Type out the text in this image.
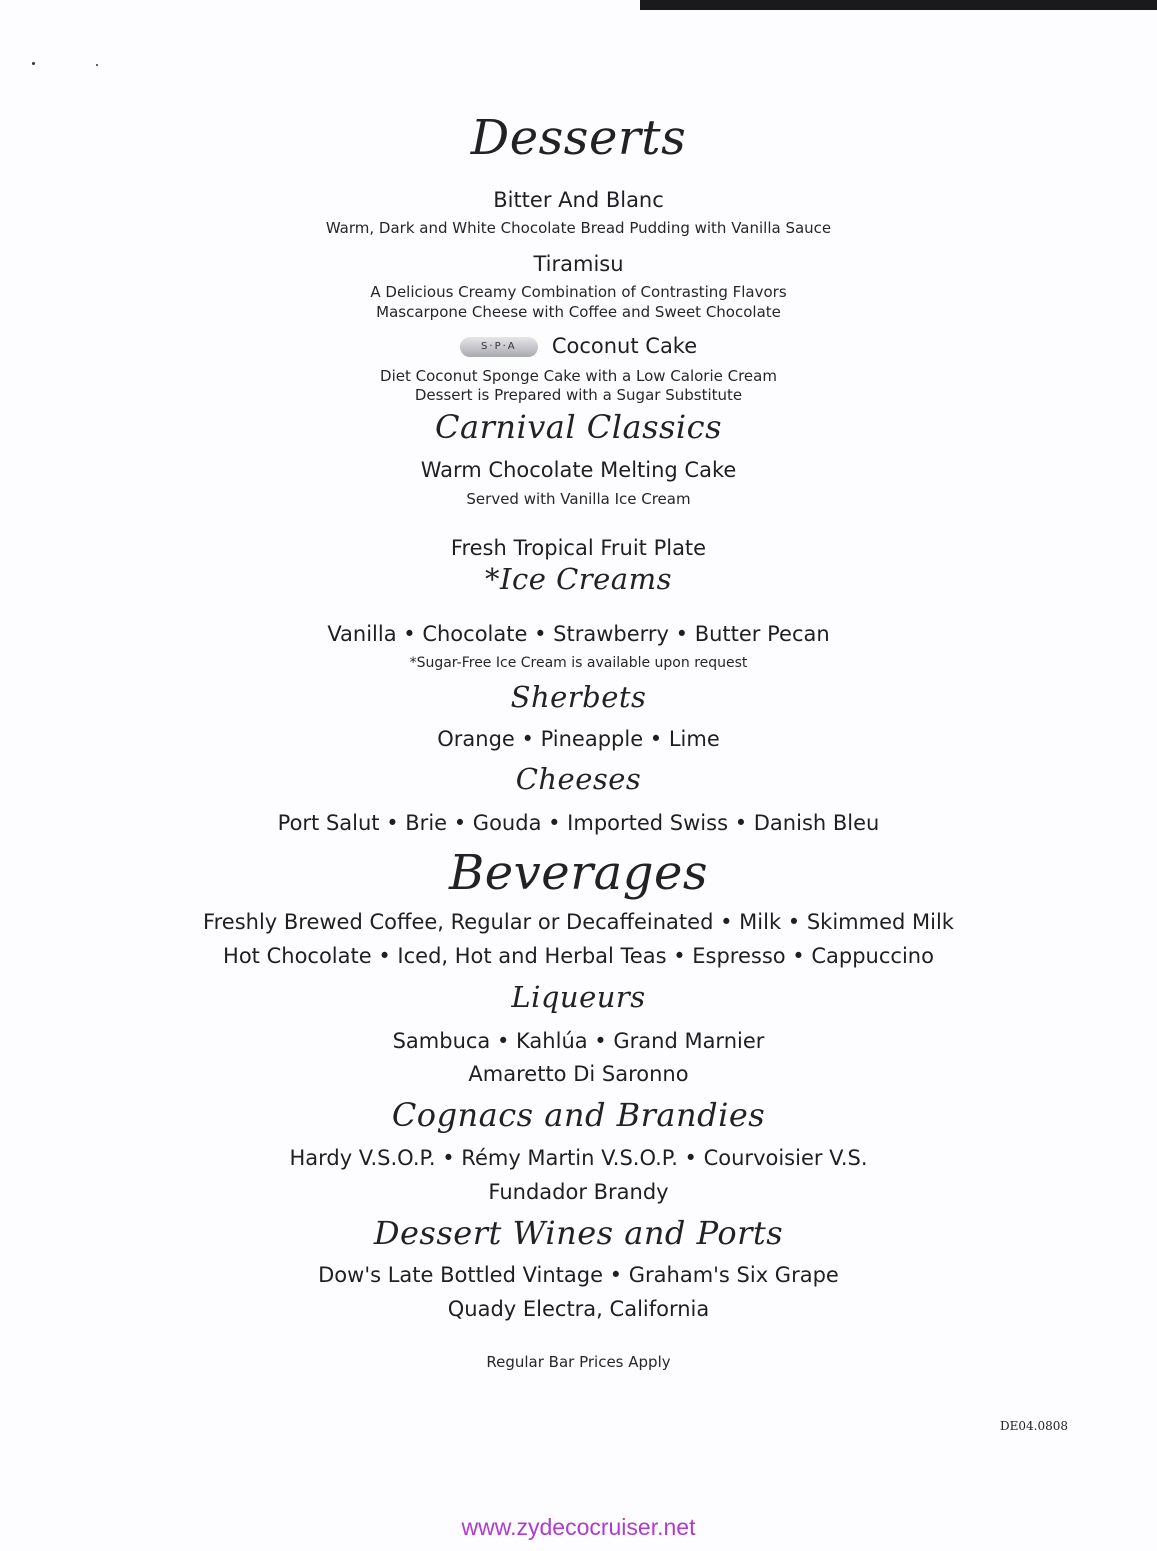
Desserts
Bitter And Blanc
Warm, Dark and White Chocolate Bread Pudding with Vanilla Sauce
Tiramisu
A Delicious Creamy Combination of Contrasting Flavors
Mascarpone Cheese with Coffee and Sweet Chocolate
S·P·A Coconut Cake
Diet Coconut Sponge Cake with a Low Calorie Cream
Dessert is Prepared with a Sugar Substitute
Carnival Classics
Warm Chocolate Melting Cake
Served with Vanilla Ice Cream
Fresh Tropical Fruit Plate
*Ice Creams
Vanilla • Chocolate • Strawberry • Butter Pecan
*Sugar-Free Ice Cream is available upon request
Sherbets
Orange • Pineapple • Lime
Cheeses
Port Salut • Brie • Gouda • Imported Swiss • Danish Bleu
Beverages
Freshly Brewed Coffee, Regular or Decaffeinated • Milk • Skimmed Milk
Hot Chocolate • Iced, Hot and Herbal Teas • Espresso • Cappuccino
Liqueurs
Sambuca • Kahlúa • Grand Marnier
Amaretto Di Saronno
Cognacs and Brandies
Hardy V.S.O.P. • Rémy Martin V.S.O.P. • Courvoisier V.S.
Fundador Brandy
Dessert Wines and Ports
Dow's Late Bottled Vintage • Graham's Six Grape
Quady Electra, California
Regular Bar Prices Apply
DE04.0808
www.zydecocruiser.net
